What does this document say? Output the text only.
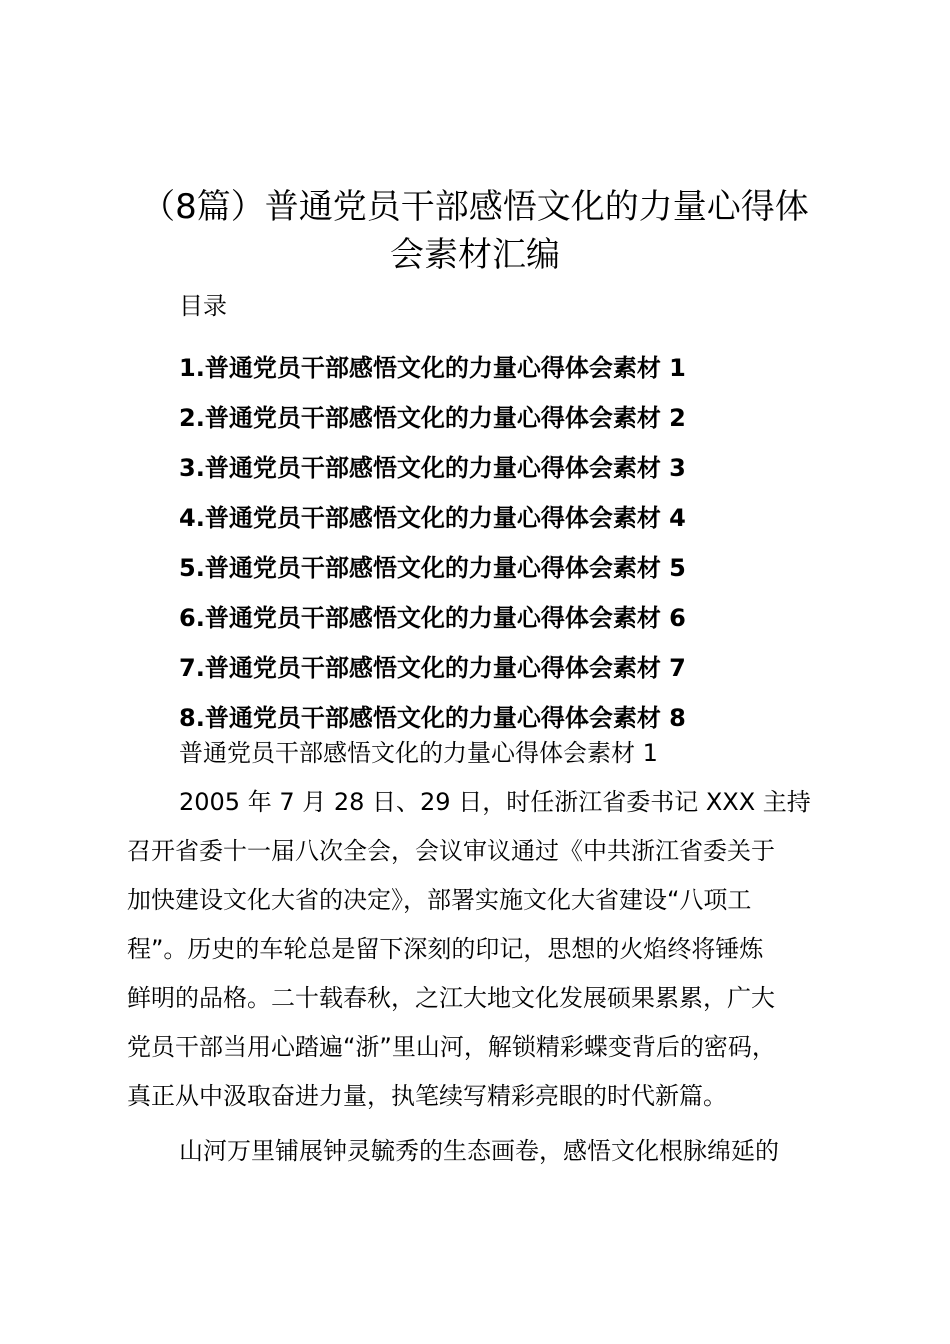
（8篇）普通党员干部感悟文化的力量心得体
会素材汇编
目录
1.普通党员干部感悟文化的力量心得体会素材 1
2.普通党员干部感悟文化的力量心得体会素材 2
3.普通党员干部感悟文化的力量心得体会素材 3
4.普通党员干部感悟文化的力量心得体会素材 4
5.普通党员干部感悟文化的力量心得体会素材 5
6.普通党员干部感悟文化的力量心得体会素材 6
7.普通党员干部感悟文化的力量心得体会素材 7
8.普通党员干部感悟文化的力量心得体会素材 8
普通党员干部感悟文化的力量心得体会素材 1

2005 年 7 月 28 日、29 日，时任浙江省委书记 XXX 主持
召开省委十一届八次全会，会议审议通过《中共浙江省委关于
加快建设文化大省的决定》，部署实施文化大省建设“八项工
程”。历史的车轮总是留下深刻的印记，思想的火焰终将锤炼
鲜明的品格。二十载春秋，之江大地文化发展硕果累累，广大
党员干部当用心踏遍“浙”里山河，解锁精彩蝶变背后的密码，
真正从中汲取奋进力量，执笔续写精彩亮眼的时代新篇。

山河万里铺展钟灵毓秀的生态画卷，感悟文化根脉绵延的
